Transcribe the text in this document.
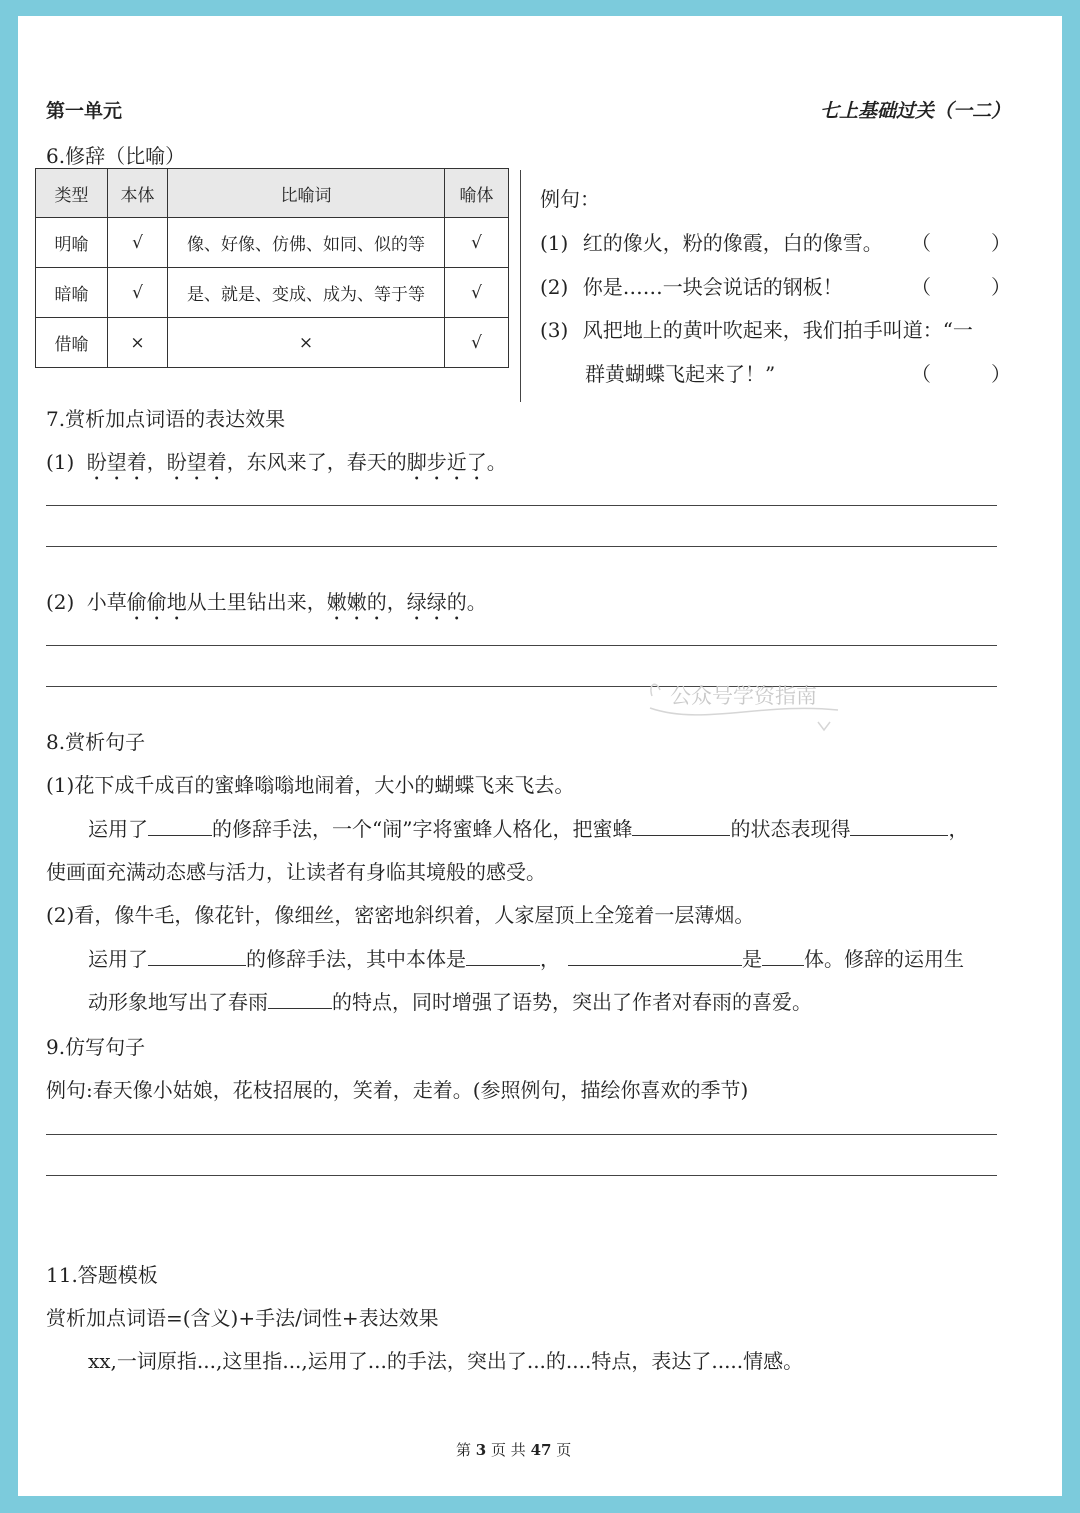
第一单元	七上基础过关（一二）
6.修辞（比喻）
类型	本体	比喻词	喻体
明喻	√	像、好像、仿佛、如同、似的等	√
暗喻	√	是、就是、变成、成为、等于等	√
借喻	×	×	√
例句：
(1) 红的像火，粉的像霞，白的像雪。 （　　　）
(2) 你是……一块会说话的钢板！	（　　　）
(3) 风把地上的黄叶吹起来，我们拍手叫道：“一
群黄蝴蝶飞起来了！”	（　　　）
7.赏析加点词语的表达效果
(1) 盼望着，盼望着，东风来了，春天的脚步近了。
(2) 小草偷偷地从土里钻出来，嫩嫩的，绿绿的。
公众号学资指南
8.赏析句子
(1)花下成千成百的蜜蜂嗡嗡地闹着，大小的蝴蝶飞来飞去。
运用了	的修辞手法，一个“闹”字将蜜蜂人格化，把蜜蜂	的状态表现得	，
使画面充满动态感与活力，让读者有身临其境般的感受。
(2)看，像牛毛，像花针，像细丝，密密地斜织着，人家屋顶上全笼着一层薄烟。
运用了	的修辞手法，其中本体是	，	是 体。修辞的运用生
动形象地写出了春雨	的特点，同时增强了语势，突出了作者对春雨的喜爱。
9.仿写句子
例句:春天像小姑娘，花枝招展的，笑着，走着。(参照例句，描绘你喜欢的季节)
11.答题模板
赏析加点词语=(含义)+手法/词性+表达效果
xx,一词原指...,这里指...,运用了...的手法，突出了...的....特点，表达了.....情感。
第 3 页 共 47 页
